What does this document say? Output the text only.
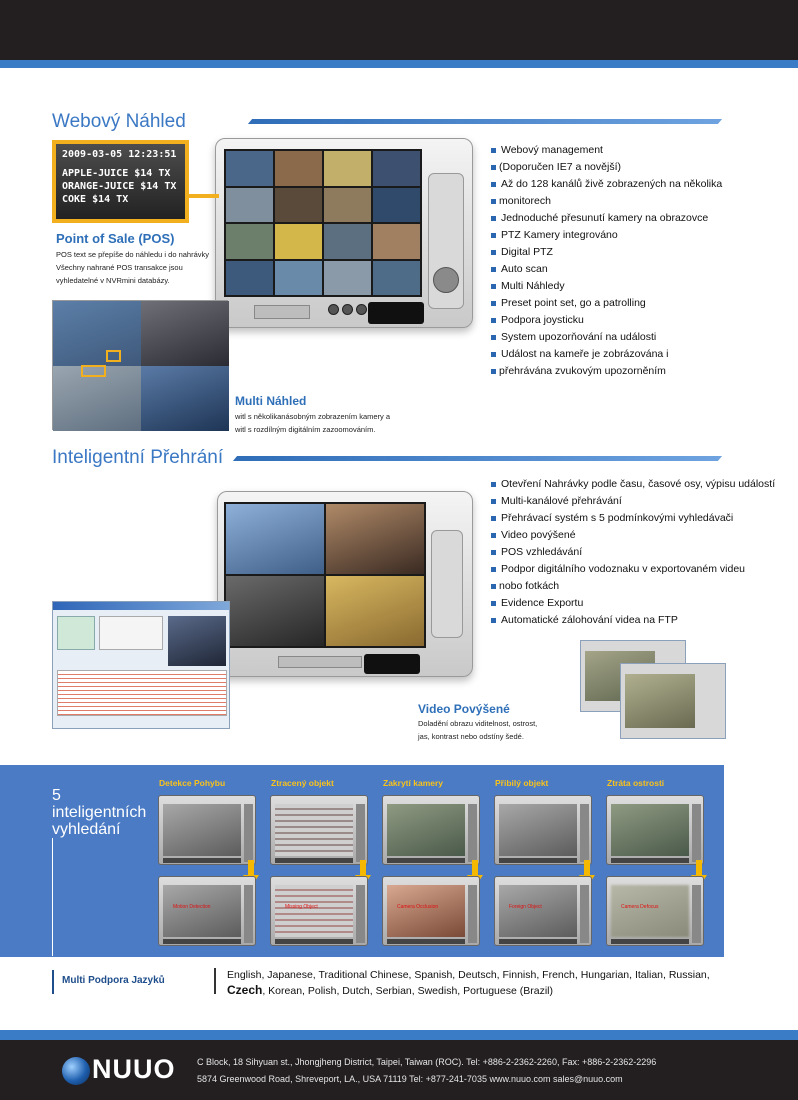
Webový Náhled
Webový management
(Doporučen IE7 a novější)
Až do 128 kanálů živě zobrazených na několika
monitorech
Jednoduché přesunutí kamery na obrazovce
PTZ Kamery integrováno
Digital PTZ
Auto scan
Multi Náhledy
Preset point set, go a patrolling
Podpora joysticku
System upozorňování na události
Událost na kameře je zobrázována i
přehrávána zvukovým upozorněním
2009-03-05 12:23:51
APPLE-JUICE $14 TX
ORANGE-JUICE $14 TX
COKE $14 TX
Point of Sale (POS)
POS text se přepíše do náhledu i do nahrávky
Všechny nahrané POS transakce jsou
vyhledatelné v NVRmini databázy.
Multi Náhled
witl s několikanásobným zobrazením kamery a
witl s rozdílným digitálním zazoomováním.
Inteligentní Přehrání
Otevření Nahrávky podle času, časové osy, výpisu událostí
Multi-kanálové přehrávání
Přehrávací systém s 5 podmínkovými vyhledávači
Video povýšené
POS vzhledávání
Podpor digitálního vodoznaku v exportovaném videu
nobo fotkách
Evidence Exportu
Automatické zálohování videa na FTP
Video Povýšené
Doladění obrazu viditelnost, ostrost,
jas, kontrast nebo odstíny šedé.
5
inteligentních
vyhledání
Detekce Pohybu	Ztracený objekt	Zakrytí kamery	Přibilý objekt	Ztráta ostrosti
Motion Detection	Missing Object	Camera Occlusion	Foreign Object	Camera Defocus
Multi Podpora Jazyků	English, Japanese, Traditional Chinese, Spanish, Deutsch, Finnish, French, Hungarian, Italian, Russian, Czech, Korean, Polish, Dutch, Serbian, Swedish, Portuguese (Brazil)
NUUO C Block, 18 Sihyuan st., Jhongjheng District, Taipei, Taiwan (ROC). Tel: +886-2-2362-2260, Fax: +886-2-2362-2296
5874 Greenwood Road, Shreveport, LA., USA 71119 Tel: +877-241-7035 www.nuuo.com sales@nuuo.com
